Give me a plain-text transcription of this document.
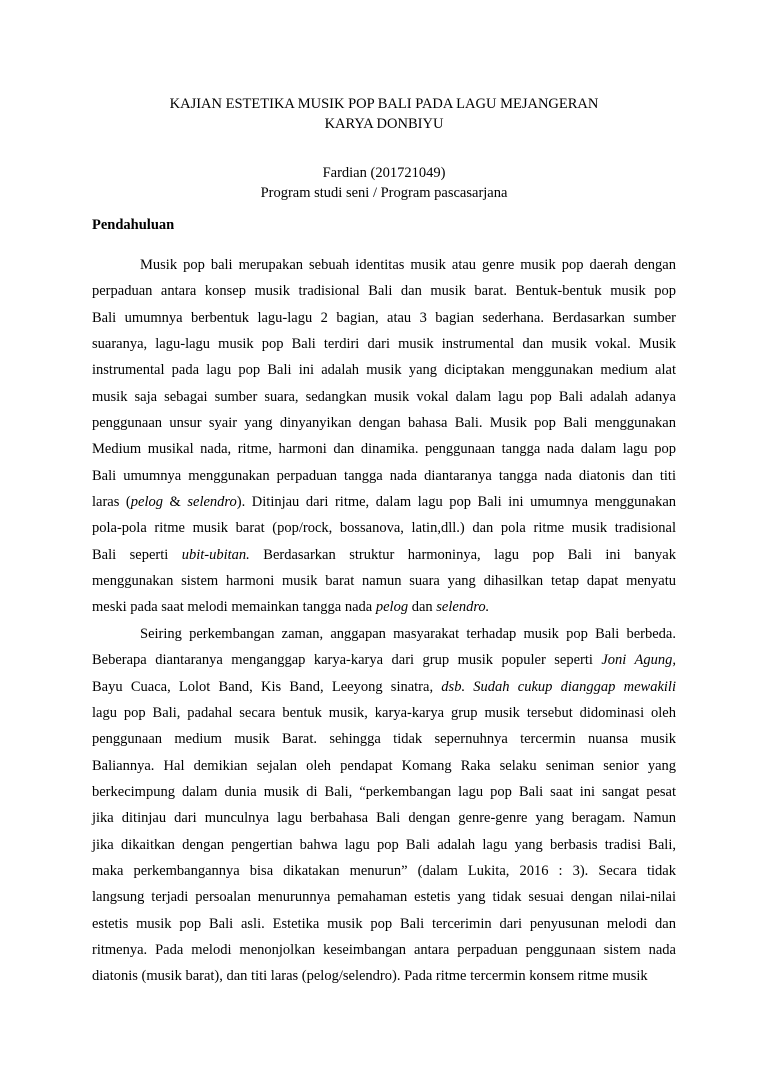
KAJIAN ESTETIKA MUSIK POP BALI PADA LAGU MEJANGERAN
KARYA DONBIYU
Fardian (201721049)
Program studi seni / Program pascasarjana
Pendahuluan
Musik pop bali merupakan sebuah identitas musik atau genre musik pop daerah dengan
perpaduan antara konsep musik tradisional Bali dan musik barat. Bentuk-bentuk musik pop
Bali umumnya berbentuk lagu-lagu 2 bagian, atau 3 bagian sederhana. Berdasarkan sumber
suaranya, lagu-lagu musik pop Bali terdiri dari musik instrumental dan musik vokal. Musik
instrumental pada lagu pop Bali ini adalah musik yang diciptakan menggunakan medium alat
musik saja sebagai sumber suara, sedangkan musik vokal dalam lagu pop Bali adalah adanya
penggunaan unsur syair yang dinyanyikan dengan bahasa Bali. Musik pop Bali menggunakan
Medium musikal nada, ritme, harmoni dan dinamika. penggunaan tangga nada dalam lagu pop
Bali umumnya menggunakan perpaduan tangga nada diantaranya tangga nada diatonis dan titi
laras (pelog & selendro). Ditinjau dari ritme, dalam lagu pop Bali ini umumnya menggunakan
pola-pola ritme musik barat (pop/rock, bossanova, latin,dll.) dan pola ritme musik tradisional
Bali seperti ubit-ubitan. Berdasarkan struktur harmoninya, lagu pop Bali ini banyak
menggunakan sistem harmoni musik barat namun suara yang dihasilkan tetap dapat menyatu
meski pada saat melodi memainkan tangga nada pelog dan selendro.
Seiring perkembangan zaman, anggapan masyarakat terhadap musik pop Bali berbeda.
Beberapa diantaranya menganggap karya-karya dari grup musik populer seperti Joni Agung,
Bayu Cuaca, Lolot Band, Kis Band, Leeyong sinatra, dsb. Sudah cukup dianggap mewakili
lagu pop Bali, padahal secara bentuk musik, karya-karya grup musik tersebut didominasi oleh
penggunaan medium musik Barat. sehingga tidak sepernuhnya tercermin nuansa musik
Baliannya. Hal demikian sejalan oleh pendapat Komang Raka selaku seniman senior yang
berkecimpung dalam dunia musik di Bali, “perkembangan lagu pop Bali saat ini sangat pesat
jika ditinjau dari munculnya lagu berbahasa Bali dengan genre-genre yang beragam. Namun
jika dikaitkan dengan pengertian bahwa lagu pop Bali adalah lagu yang berbasis tradisi Bali,
maka perkembangannya bisa dikatakan menurun” (dalam Lukita, 2016 : 3). Secara tidak
langsung terjadi persoalan menurunnya pemahaman estetis yang tidak sesuai dengan nilai-nilai
estetis musik pop Bali asli. Estetika musik pop Bali tercerimin dari penyusunan melodi dan
ritmenya. Pada melodi menonjolkan keseimbangan antara perpaduan penggunaan sistem nada
diatonis (musik barat), dan titi laras (pelog/selendro). Pada ritme tercermin konsem ritme musik
